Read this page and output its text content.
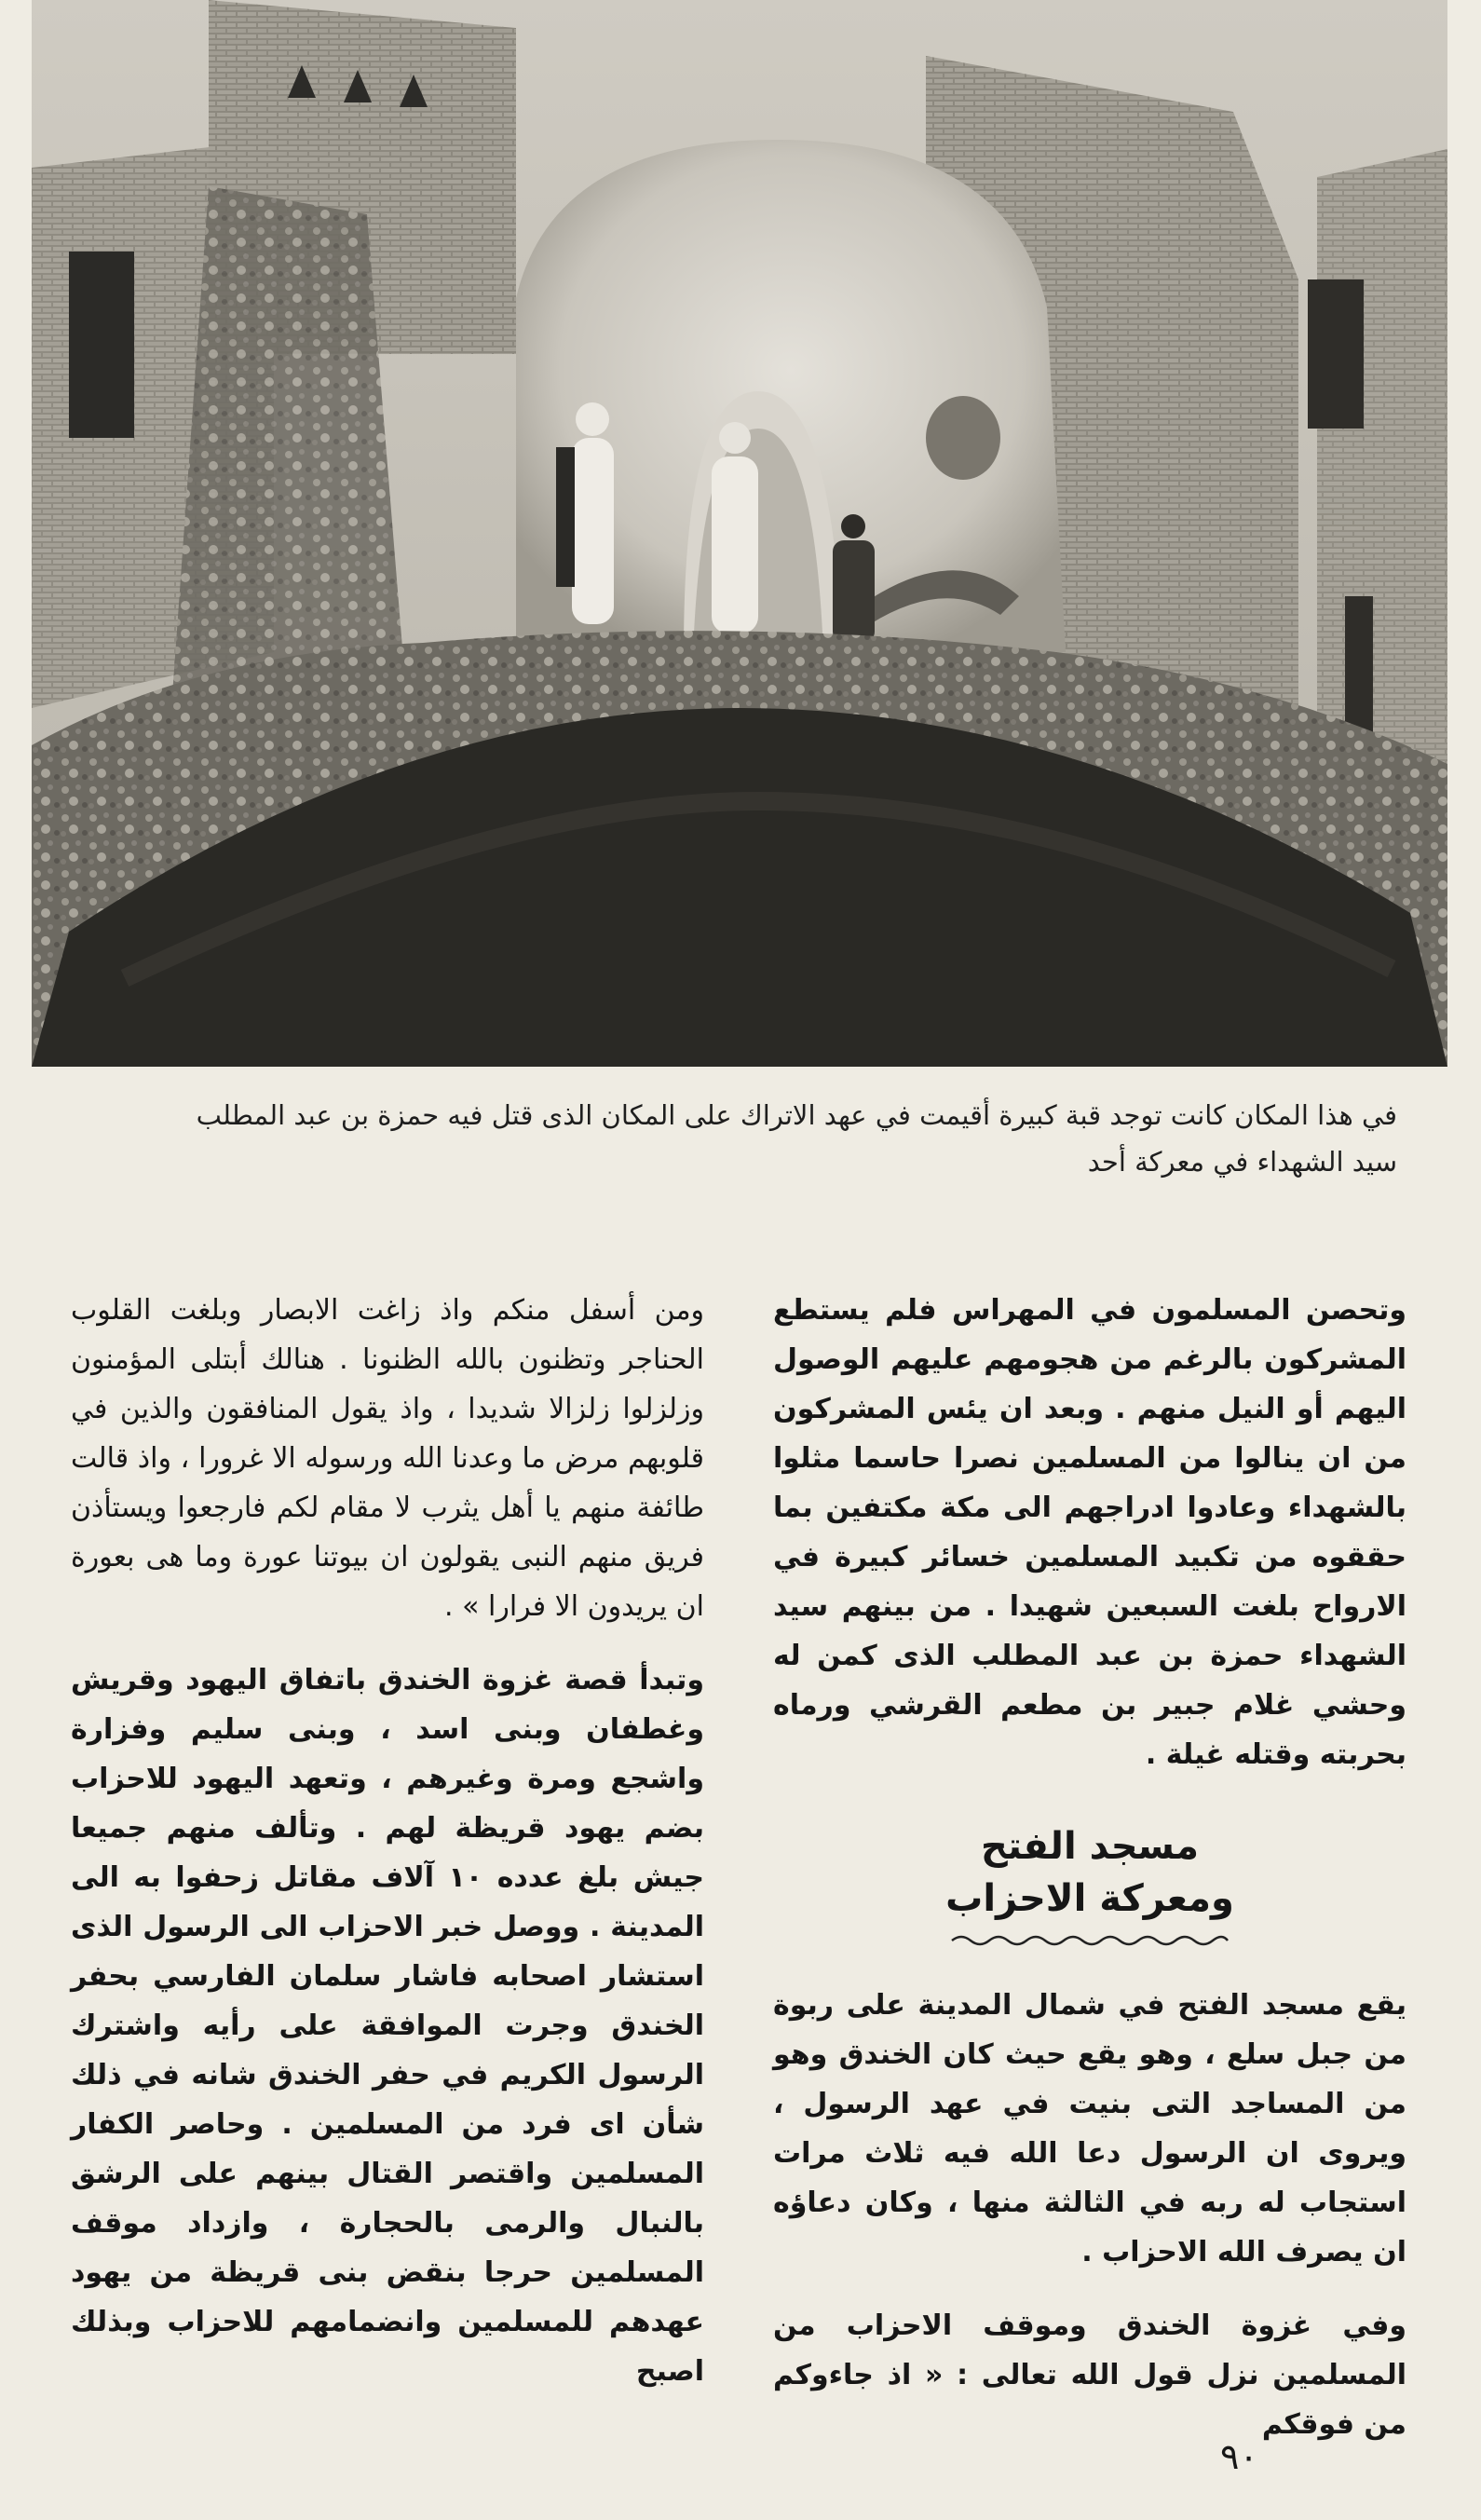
في هذا المكان كانت توجد قبة كبيرة أقيمت في عهد الاتراك على المكان الذى قتل فيه حمزة بن عبد المطلب

سيد الشهداء في معركة أحد

وتحصن المسلمون في المهراس فلم يستطع المشركون بالرغم من هجومهم عليهم الوصول اليهم أو النيل منهم . وبعد ان يئس المشركون من ان ينالوا من المسلمين نصرا حاسما مثلوا بالشهداء وعادوا ادراجهم الى مكة مكتفين بما حققوه من تكبيد المسلمين خسائر كبيرة في الارواح بلغت السبعين شهيدا . من بينهم سيد الشهداء حمزة بن عبد المطلب الذى كمن له وحشي غلام جبير بن مطعم القرشي ورماه بحربته وقتله غيلة .

مسجد الفتح
ومعركة الاحزاب

يقع مسجد الفتح في شمال المدينة على ربوة من جبل سلع ، وهو يقع حيث كان الخندق وهو من المساجد التى بنيت في عهد الرسول ، ويروى ان الرسول دعا الله فيه ثلاث مرات استجاب له ربه في الثالثة منها ، وكان دعاؤه ان يصرف الله الاحزاب .

وفي غزوة الخندق وموقف الاحزاب من المسلمين نزل قول الله تعالى : « اذ جاءوكم من فوقكم

ومن أسفل منكم واذ زاغت الابصار وبلغت القلوب الحناجر وتظنون بالله الظنونا . هنالك أبتلى المؤمنون وزلزلوا زلزالا شديدا ، واذ يقول المنافقون والذين في قلوبهم مرض ما وعدنا الله ورسوله الا غرورا ، واذ قالت طائفة منهم يا أهل يثرب لا مقام لكم فارجعوا ويستأذن فريق منهم النبى يقولون ان بيوتنا عورة وما هى بعورة ان يريدون الا فرارا » .

وتبدأ قصة غزوة الخندق باتفاق اليهود وقريش وغطفان وبنى اسد ، وبنى سليم وفزارة واشجع ومرة وغيرهم ، وتعهد اليهود للاحزاب بضم يهود قريظة لهم . وتألف منهم جميعا جيش بلغ عدده ١٠ آلاف مقاتل زحفوا به الى المدينة . ووصل خبر الاحزاب الى الرسول الذى استشار اصحابه فاشار سلمان الفارسي بحفر الخندق وجرت الموافقة على رأيه واشترك الرسول الكريم في حفر الخندق شانه في ذلك شأن اى فرد من المسلمين . وحاصر الكفار المسلمين واقتصر القتال بينهم على الرشق بالنبال والرمى بالحجارة ، وازداد موقف المسلمين حرجا بنقض بنى قريظة من يهود عهدهم للمسلمين وانضمامهم للاحزاب وبذلك اصبح

٩٠
